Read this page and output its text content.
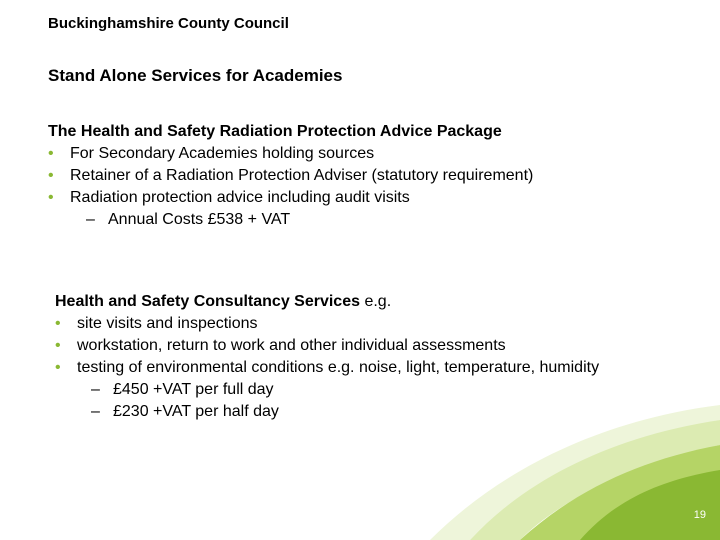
Buckinghamshire County Council
Stand Alone Services for Academies
The Health and Safety Radiation Protection Advice Package
• For Secondary Academies holding sources
• Retainer of a Radiation Protection Adviser (statutory requirement)
• Radiation protection advice including audit visits
– Annual Costs £538 + VAT
Health and Safety Consultancy Services e.g.
• site visits and inspections
• workstation, return to work and other individual assessments
• testing of environmental conditions e.g. noise, light, temperature, humidity
– £450 +VAT per full day
– £230 +VAT per half day
19
